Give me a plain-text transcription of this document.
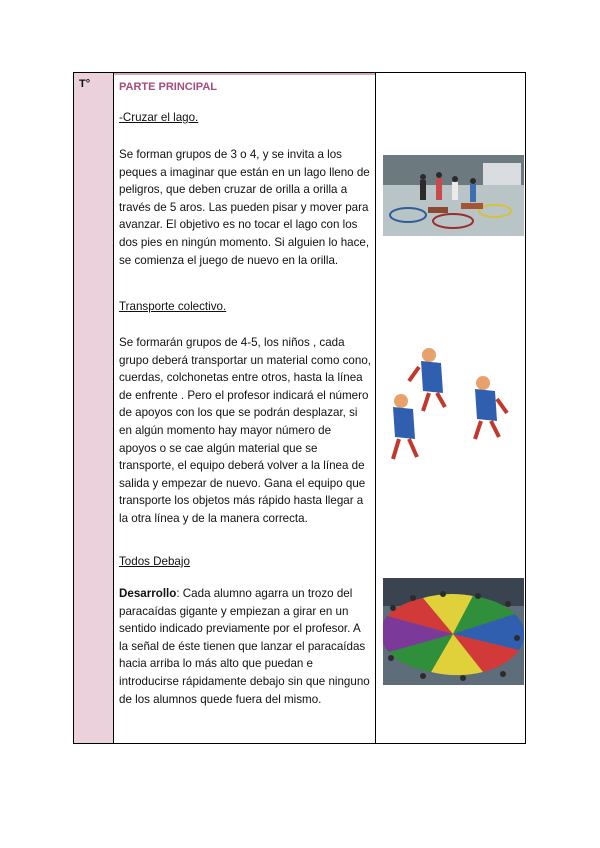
T°	PARTE PRINCIPAL
-Cruzar el lago.
Se forman grupos de 3 o 4, y se invita a los peques a imaginar que están en un lago lleno de peligros, que deben cruzar de orilla a orilla a través de 5 aros. Las pueden pisar y mover para avanzar. El objetivo es no tocar el lago con los dos pies en ningún momento. Si alguien lo hace, se comienza el juego de nuevo en la orilla.
Transporte colectivo.
Se formarán grupos de 4-5, los niños , cada grupo deberá transportar un material como cono, cuerdas, colchonetas entre otros, hasta la línea de enfrente . Pero el profesor indicará el número de apoyos con los que se podrán desplazar, si en algún momento hay mayor número de apoyos o se cae algún material que se transporte, el equipo deberá volver a la línea de salida y empezar de nuevo. Gana el equipo que transporte los objetos más rápido hasta llegar a la otra línea y de la manera correcta.
Todos Debajo
Desarrollo: Cada alumno agarra un trozo del paracaídas gigante y empiezan a girar en un sentido indicado previamente por el profesor. A la señal de éste tienen que lanzar el paracaídas hacia arriba lo más alto que puedan e introducirse rápidamente debajo sin que ninguno de los alumnos quede fuera del mismo.
